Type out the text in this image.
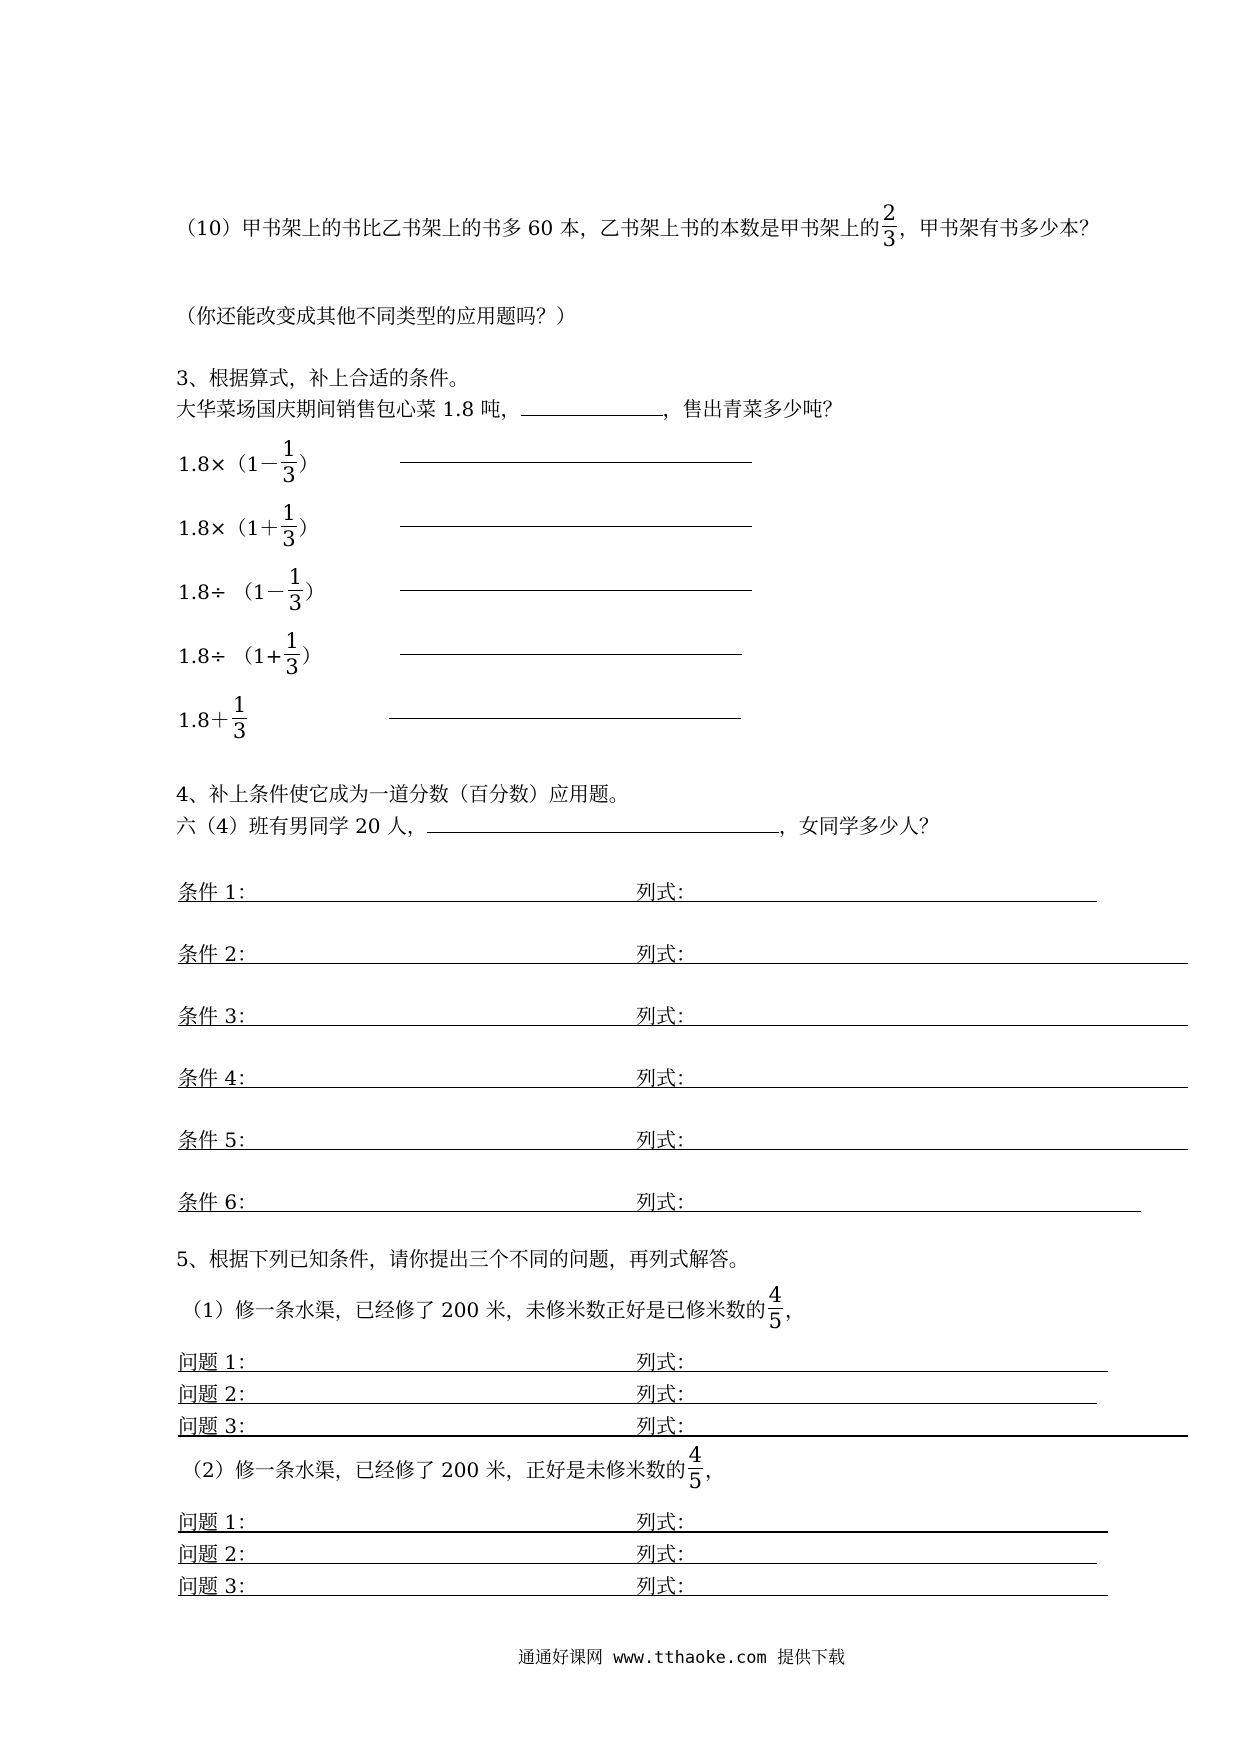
（10）甲书架上的书比乙书架上的书多 60 本，乙书架上书的本数是甲书架上的 $\frac{2}{3}$ ，甲书架有书多少本？
（你还能改变成其他不同类型的应用题吗？）
3、根据算式，补上合适的条件。
大华菜场国庆期间销售包心菜 1.8 吨，	，售出青菜多少吨？
$1.8\times(1- \frac{1}{3}$ ）
$1.8\times(1+ \frac{1}{3}$ ）
$1.8\div (1- \frac{1}{3}$ ）
$1.8\div (1+ \frac{1}{3}$ ）
$1.8+ \frac{1}{3}$
4、补上条件使它成为一道分数（百分数）应用题。
六（4）班有男同学 20 人，	，女同学多少人？
条件 1：	列式：
条件 2：	列式：
条件 3：	列式：
条件 4：	列式：
条件 5：	列式：
条件 6：	列式：
5、根据下列已知条件，请你提出三个不同的问题，再列式解答。
（1）修一条水渠，已经修了 200 米，未修米数正好是已修米数的 $\frac{4}{5}$ ，
问题 1：	列式：
问题 2：	列式：
问题 3：	列式：
（2）修一条水渠，已经修了 200 米，正好是未修米数的 $\frac{4}{5}$ ，
问题 1：	列式：
问题 2：	列式：
问题 3：	列式：
通通好课网 www.tthaoke.com 提供下载
